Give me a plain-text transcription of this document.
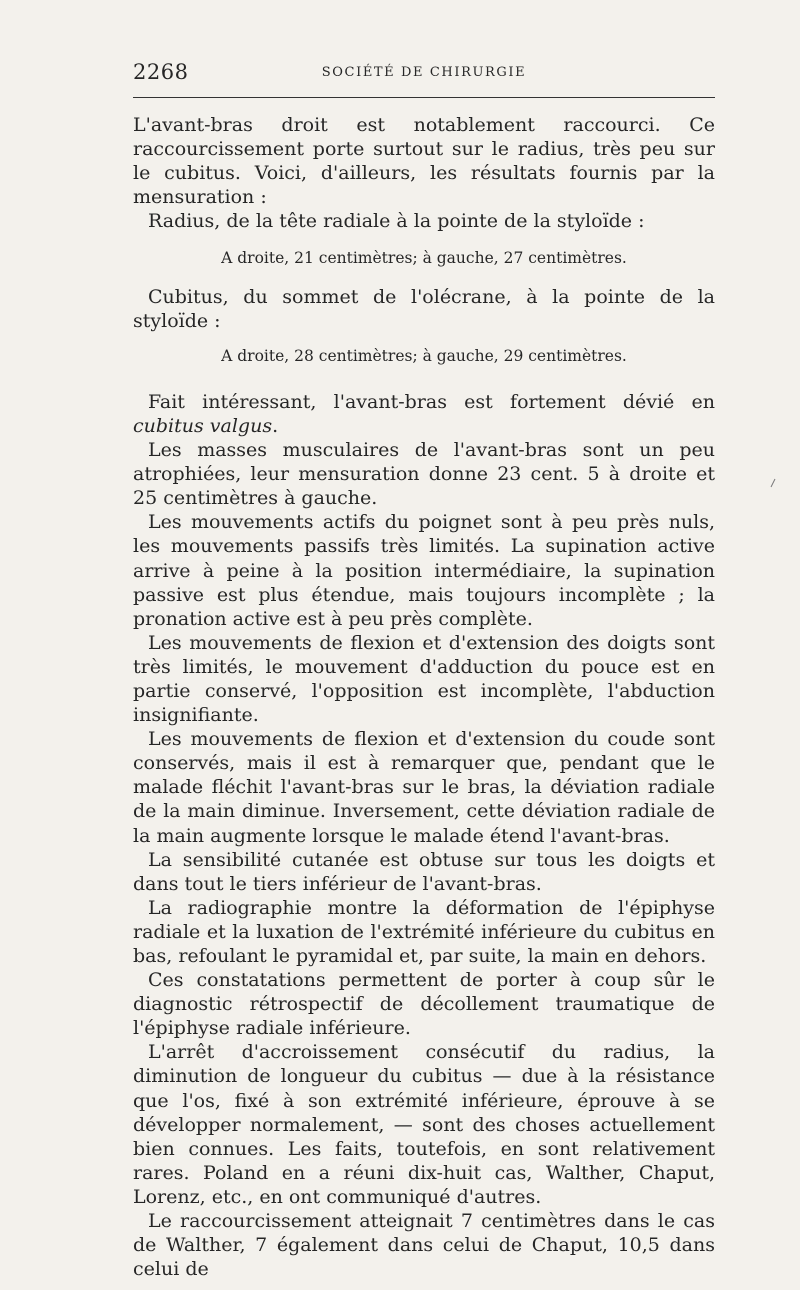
2268	SOCIÉTÉ DE CHIRURGIE

L'avant-bras droit est notablement raccourci. Ce raccourcissement porte surtout sur le radius, très peu sur le cubitus. Voici, d'ailleurs, les résultats fournis par la mensuration :

Radius, de la tête radiale à la pointe de la styloïde :

A droite, 21 centimètres; à gauche, 27 centimètres.

Cubitus, du sommet de l'olécrane, à la pointe de la styloïde :

A droite, 28 centimètres; à gauche, 29 centimètres.

Fait intéressant, l'avant-bras est fortement dévié en cubitus valgus.

Les masses musculaires de l'avant-bras sont un peu atrophiées, leur mensuration donne 23 cent. 5 à droite et 25 centimètres à gauche.

Les mouvements actifs du poignet sont à peu près nuls, les mouvements passifs très limités. La supination active arrive à peine à la position intermédiaire, la supination passive est plus étendue, mais toujours incomplète ; la pronation active est à peu près complète.

Les mouvements de flexion et d'extension des doigts sont très limités, le mouvement d'adduction du pouce est en partie conservé, l'opposition est incomplète, l'abduction insignifiante.

Les mouvements de flexion et d'extension du coude sont conservés, mais il est à remarquer que, pendant que le malade fléchit l'avant-bras sur le bras, la déviation radiale de la main diminue. Inversement, cette déviation radiale de la main augmente lorsque le malade étend l'avant-bras.

La sensibilité cutanée est obtuse sur tous les doigts et dans tout le tiers inférieur de l'avant-bras.

La radiographie montre la déformation de l'épiphyse radiale et la luxation de l'extrémité inférieure du cubitus en bas, refoulant le pyramidal et, par suite, la main en dehors.

Ces constatations permettent de porter à coup sûr le diagnostic rétrospectif de décollement traumatique de l'épiphyse radiale inférieure.

L'arrêt d'accroissement consécutif du radius, la diminution de longueur du cubitus — due à la résistance que l'os, fixé à son extrémité inférieure, éprouve à se développer normalement, — sont des choses actuellement bien connues. Les faits, toutefois, en sont relativement rares. Poland en a réuni dix-huit cas, Walther, Chaput, Lorenz, etc., en ont communiqué d'autres.

Le raccourcissement atteignait 7 centimètres dans le cas de Walther, 7 également dans celui de Chaput, 10,5 dans celui de
